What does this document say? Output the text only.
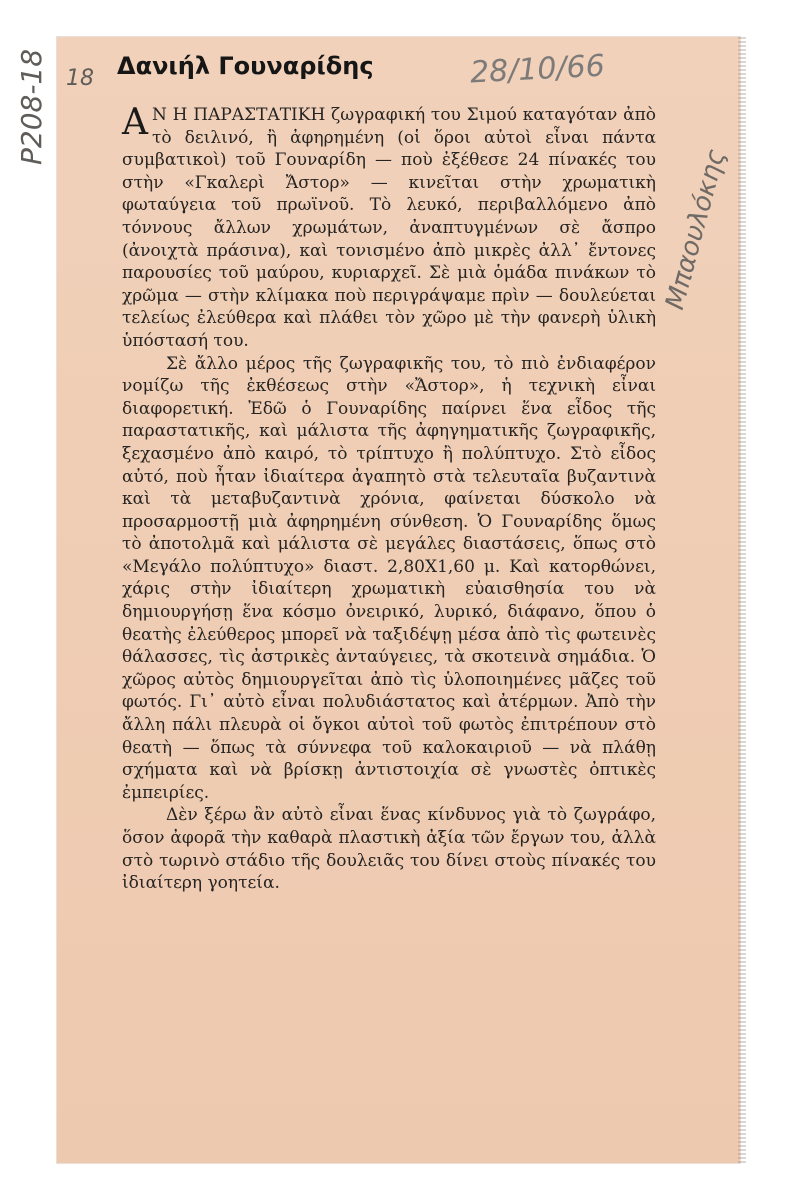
28/10/66
18
P208-18
Μπαουλόκης
Δανιήλ Γουναρίδης

Α Ν Η ΠΑΡΑΣΤΑΤΙΚΗ ζωγραφική του Σιμού καταγόταν ἀπὸ τὸ δειλινό, ἢ ἀφηρημένη (οἱ ὅροι αὐτοὶ εἶναι πάντα συμβατικοὶ) τοῦ Γουναρίδη — ποὺ ἐξέθεσε 24 πίνακές του στὴν «Γκαλερὶ Ἄστορ» — κινεῖται στὴν χρωματικὴ φωταύγεια τοῦ πρωϊνοῦ. Τὸ λευκό, περιβαλλόμενο ἀπὸ τόννους ἄλλων χρωμάτων, ἀναπτυγμένων σὲ ἄσπρο (ἀνοιχτὰ πράσινα), καὶ τονισμένο ἀπὸ μικρὲς ἀλλ᾽ ἔντονες παρουσίες τοῦ μαύρου, κυριαρχεῖ. Σὲ μιὰ ὁμάδα πινάκων τὸ χρῶμα — στὴν κλίμακα ποὺ περιγράψαμε πρὶν — δουλεύεται τελείως ἐλεύθερα καὶ πλάθει τὸν χῶρο μὲ τὴν φανερὴ ὑλικὴ ὑπόστασή του.

Σὲ ἄλλο μέρος τῆς ζωγραφικῆς του, τὸ πιὸ ἐνδιαφέρον νομίζω τῆς ἐκθέσεως στὴν «Ἄστορ», ἡ τεχνικὴ εἶναι διαφορετική. Ἐδῶ ὁ Γουναρίδης παίρνει ἕνα εἶδος τῆς παραστατικῆς, καὶ μάλιστα τῆς ἀφηγηματικῆς ζωγραφικῆς, ξεχασμένο ἀπὸ καιρό, τὸ τρίπτυχο ἢ πολύπτυχο. Στὸ εἶδος αὐτό, ποὺ ἦταν ἰδιαίτερα ἀγαπητὸ στὰ τελευταῖα βυζαντινὰ καὶ τὰ μεταβυζαντινὰ χρόνια, φαίνεται δύσκολο νὰ προσαρμοστῇ μιὰ ἀφηρημένη σύνθεση. Ὁ Γουναρίδης ὅμως τὸ ἀποτολμᾶ καὶ μάλιστα σὲ μεγάλες διαστάσεις, ὅπως στὸ «Μεγάλο πολύπτυχο» διαστ. 2,80Χ1,60 μ. Καὶ κατορθώνει, χάρις στὴν ἰδιαίτερη χρωματικὴ εὐαισθησία του νὰ δημιουργήσῃ ἕνα κόσμο ὀνειρικό, λυρικό, διάφανο, ὅπου ὁ θεατὴς ἐλεύθερος μπορεῖ νὰ ταξιδέψῃ μέσα ἀπὸ τὶς φωτεινὲς θάλασσες, τὶς ἀστρικὲς ἀνταύγειες, τὰ σκοτεινὰ σημάδια. Ὁ χῶρος αὐτὸς δημιουργεῖται ἀπὸ τὶς ὑλοποιημένες μᾶζες τοῦ φωτός. Γι᾽ αὐτὸ εἶναι πολυδιάστατος καὶ ἀτέρμων. Ἀπὸ τὴν ἄλλη πάλι πλευρὰ οἱ ὄγκοι αὐτοὶ τοῦ φωτὸς ἐπιτρέπουν στὸ θεατὴ — ὅπως τὰ σύννεφα τοῦ καλοκαιριοῦ — νὰ πλάθῃ σχήματα καὶ νὰ βρίσκῃ ἀντιστοιχία σὲ γνωστὲς ὀπτικὲς ἐμπειρίες.

Δὲν ξέρω ἂν αὐτὸ εἶναι ἕνας κίνδυνος γιὰ τὸ ζωγράφο, ὅσον ἀφορᾶ τὴν καθαρὰ πλαστικὴ ἀξία τῶν ἔργων του, ἀλλὰ στὸ τωρινὸ στάδιο τῆς δουλειᾶς του δίνει στοὺς πίνακές του ἰδιαίτερη γοητεία.
